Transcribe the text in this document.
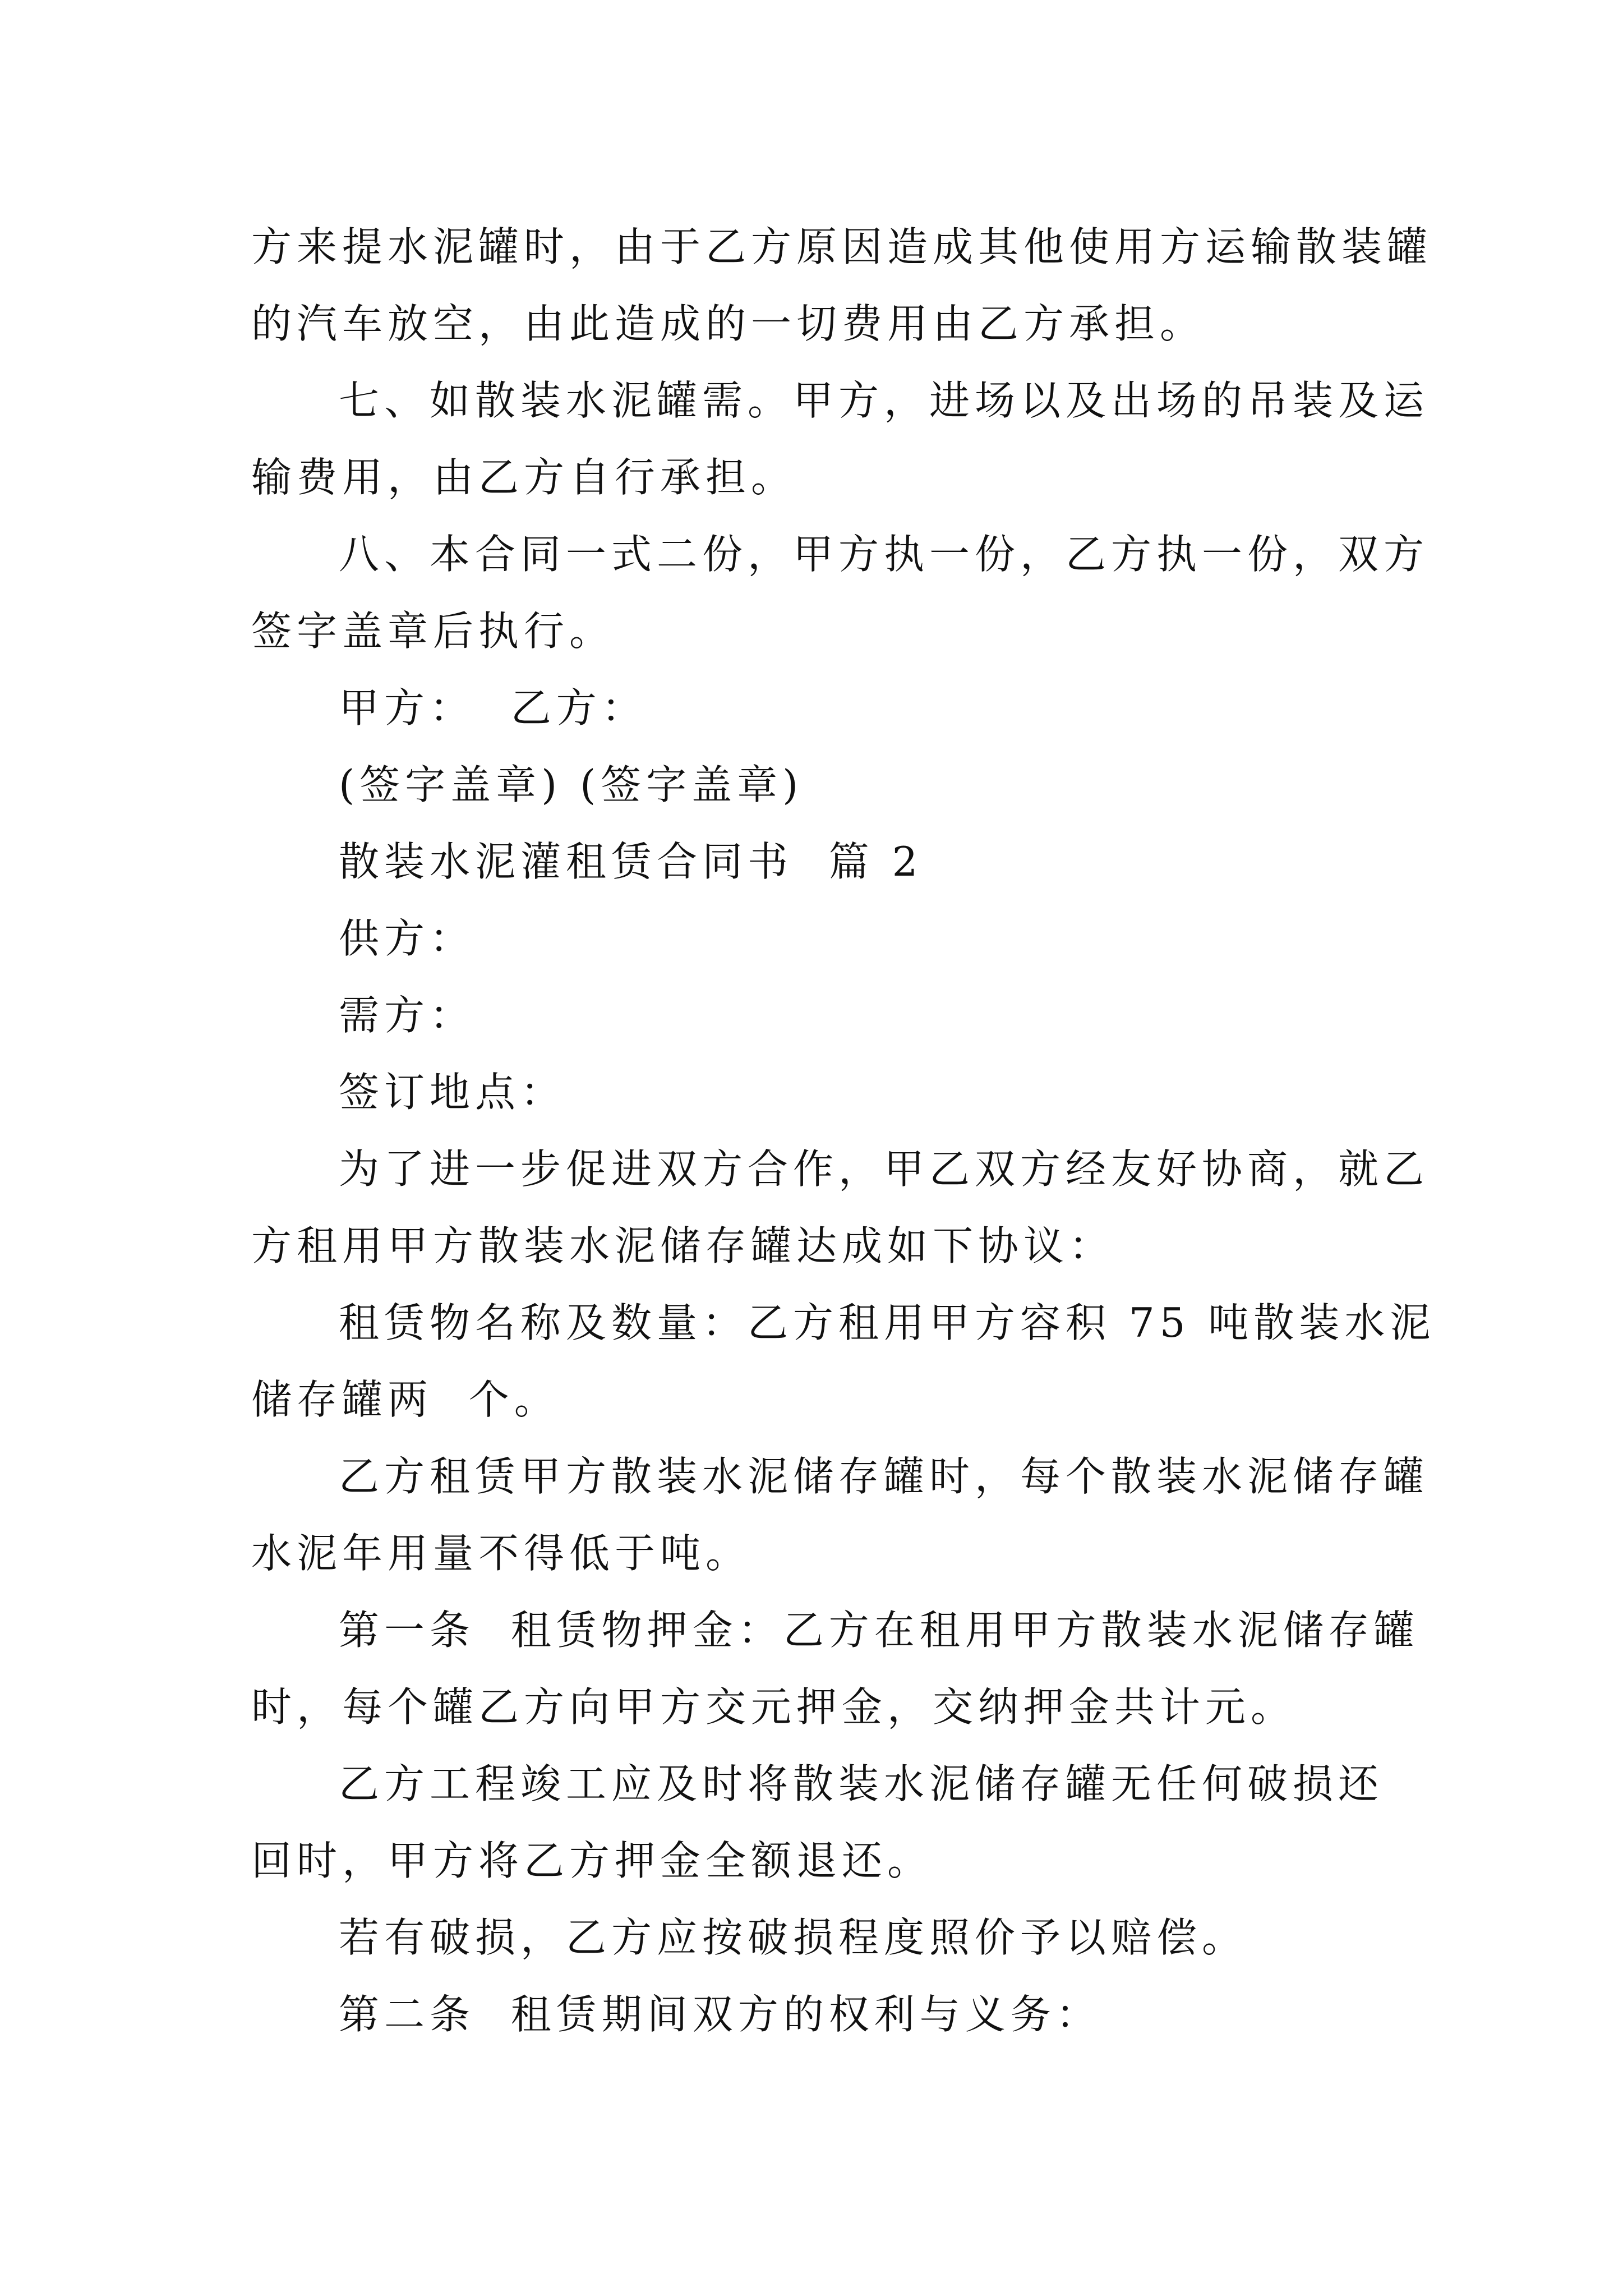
方来提水泥罐时，由于乙方原因造成其他使用方运输散装罐
的汽车放空，由此造成的一切费用由乙方承担。
七、如散装水泥罐需。甲方，进场以及出场的吊装及运
输费用，由乙方自行承担。
八、本合同一式二份，甲方执一份，乙方执一份，双方
签字盖章后执行。
甲方：  乙方：
(签字盖章) (签字盖章)
散装水泥灌租赁合同书  篇 2
供方：
需方：
签订地点：
为了进一步促进双方合作，甲乙双方经友好协商，就乙
方租用甲方散装水泥储存罐达成如下协议：
租赁物名称及数量：乙方租用甲方容积 75 吨散装水泥
储存罐两  个。
乙方租赁甲方散装水泥储存罐时，每个散装水泥储存罐
水泥年用量不得低于吨。
第一条  租赁物押金：乙方在租用甲方散装水泥储存罐
时，每个罐乙方向甲方交元押金，交纳押金共计元。
乙方工程竣工应及时将散装水泥储存罐无任何破损还
回时，甲方将乙方押金全额退还。
若有破损，乙方应按破损程度照价予以赔偿。
第二条  租赁期间双方的权利与义务：
